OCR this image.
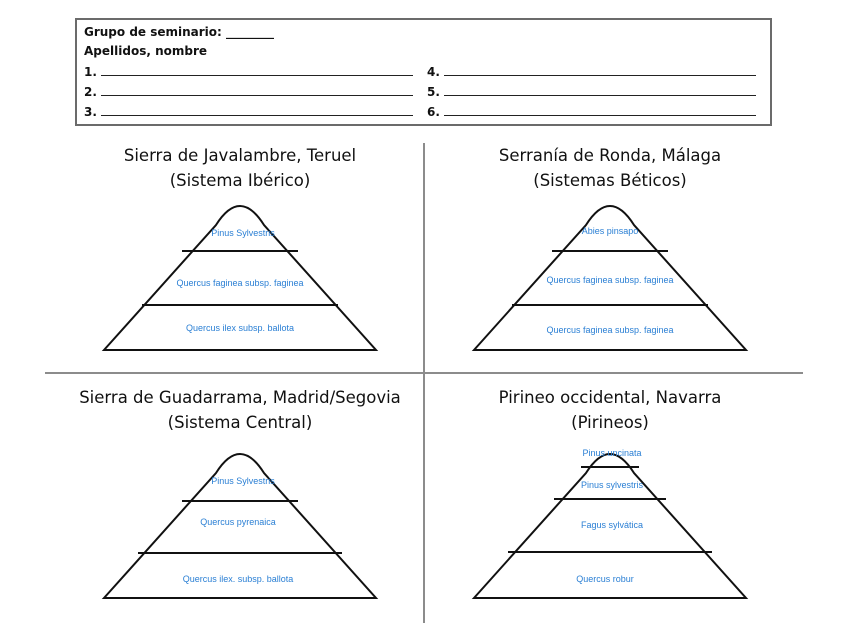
Grupo de seminario: ________
Apellidos, nombre
1.
2.
3.
4.
5.
6.
Sierra de Javalambre, Teruel
(Sistema Ibérico)
Serranía de Ronda, Málaga
(Sistemas Béticos)
Sierra de Guadarrama, Madrid/Segovia
(Sistema Central)
Pirineo occidental, Navarra
(Pirineos)
Pinus Sylvestris
Quercus faginea subsp. faginea
Quercus ilex subsp. ballota
Abies pinsapo
Quercus faginea subsp. faginea
Quercus faginea subsp. faginea
Pinus Sylvestris
Quercus pyrenaica
Quercus ilex. subsp. ballota
Pinus uncinata
Pinus sylvestris
Fagus sylvática
Quercus robur
